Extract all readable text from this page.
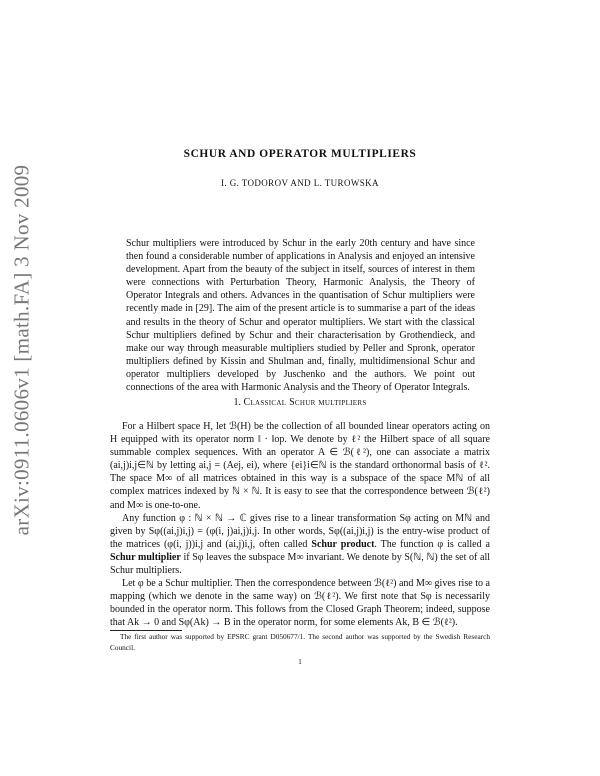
arXiv:0911.0606v1 [math.FA] 3 Nov 2009
SCHUR AND OPERATOR MULTIPLIERS
I. G. TODOROV AND L. TUROWSKA
Schur multipliers were introduced by Schur in the early 20th century and have since then found a considerable number of applications in Analysis and enjoyed an intensive development. Apart from the beauty of the subject in itself, sources of interest in them were connections with Perturbation Theory, Harmonic Analysis, the Theory of Operator Integrals and others. Advances in the quantisation of Schur multipliers were recently made in [29]. The aim of the present article is to summarise a part of the ideas and results in the theory of Schur and operator multipliers. We start with the classical Schur multipliers defined by Schur and their characterisation by Grothendieck, and make our way through measurable multipliers studied by Peller and Spronk, operator multipliers defined by Kissin and Shulman and, finally, multidimensional Schur and operator multipliers developed by Juschenko and the authors. We point out connections of the area with Harmonic Analysis and the Theory of Operator Integrals.
1. Classical Schur multipliers

For a Hilbert space H, let ℬ(H) be the collection of all bounded linear operators acting on H equipped with its operator norm ‖ · ‖op. We denote by ℓ² the Hilbert space of all square summable complex sequences. With an operator A ∈ ℬ(ℓ²), one can associate a matrix (ai,j)i,j∈ℕ by letting ai,j = (Aej, ei), where {ei}i∈ℕ is the standard orthonormal basis of ℓ². The space M∞ of all matrices obtained in this way is a subspace of the space Mℕ of all complex matrices indexed by ℕ × ℕ. It is easy to see that the correspondence between ℬ(ℓ²) and M∞ is one-to-one.

Any function φ : ℕ × ℕ → ℂ gives rise to a linear transformation Sφ acting on Mℕ and given by Sφ((ai,j)i,j) = (φ(i, j)ai,j)i,j. In other words, Sφ((ai,j)i,j) is the entry-wise product of the matrices (φ(i, j))i,j and (ai,j)i,j, often called Schur product. The function φ is called a Schur multiplier if Sφ leaves the subspace M∞ invariant. We denote by S(ℕ, ℕ) the set of all Schur multipliers.

Let φ be a Schur multiplier. Then the correspondence between ℬ(ℓ²) and M∞ gives rise to a mapping (which we denote in the same way) on ℬ(ℓ²). We first note that Sφ is necessarily bounded in the operator norm. This follows from the Closed Graph Theorem; indeed, suppose that Ak → 0 and Sφ(Ak) → B in the operator norm, for some elements Ak, B ∈ ℬ(ℓ²).

The first author was supported by EPSRC grant D050677/1. The second author was supported by the Swedish Research Council.
1
